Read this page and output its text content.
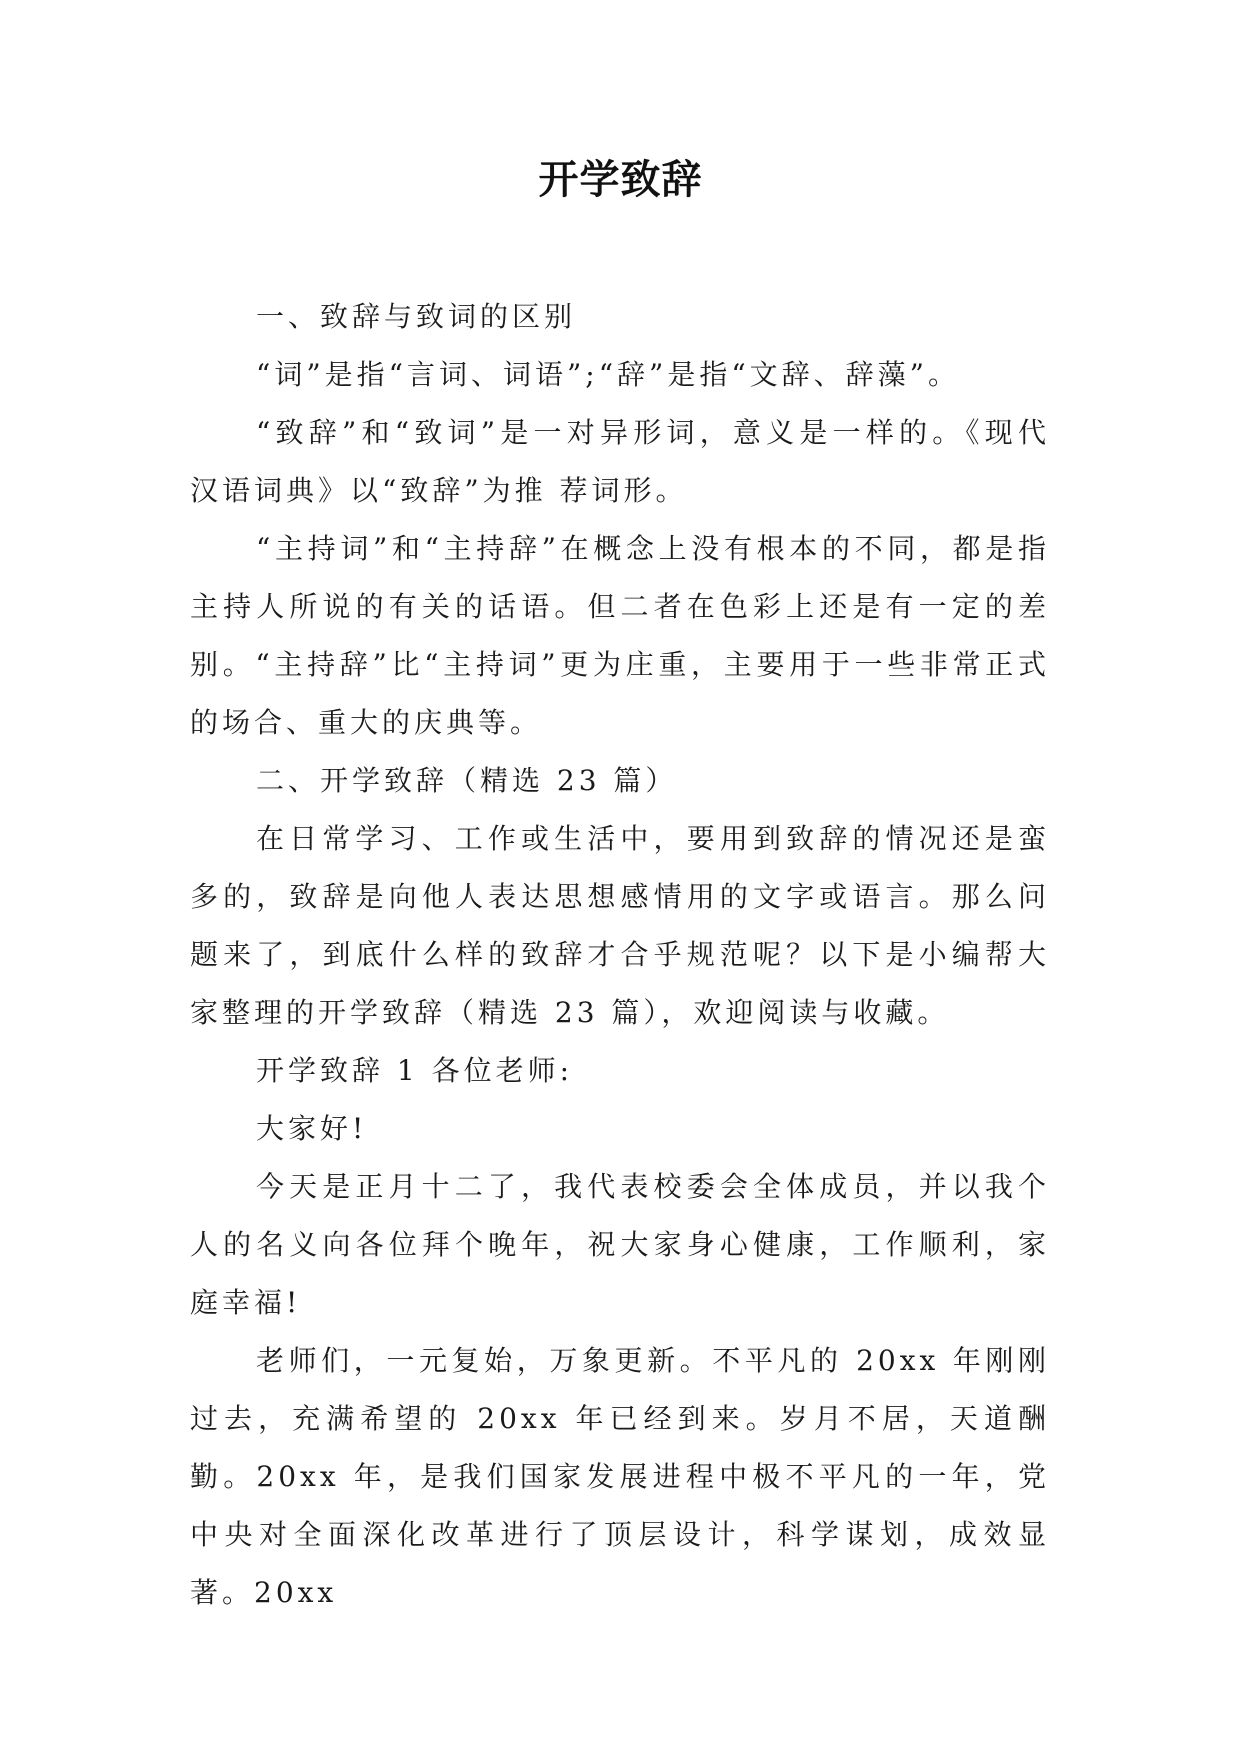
开学致辞

一、致辞与致词的区别

“词”是指“言词、词语”;“辞”是指“文辞、辞藻”。

“致辞”和“致词”是一对异形词，意义是一样的。《现代汉语词典》以“致辞”为推 荐词形。

“主持词”和“主持辞”在概念上没有根本的不同，都是指主持人所说的有关的话语。但二者在色彩上还是有一定的差别。“主持辞”比“主持词”更为庄重，主要用于一些非常正式的场合、重大的庆典等。

二、开学致辞（精选 23 篇）

在日常学习、工作或生活中，要用到致辞的情况还是蛮多的，致辞是向他人表达思想感情用的文字或语言。那么问题来了，到底什么样的致辞才合乎规范呢？以下是小编帮大家整理的开学致辞（精选 23 篇），欢迎阅读与收藏。

开学致辞 1 各位老师:

大家好!

今天是正月十二了，我代表校委会全体成员，并以我个人的名义向各位拜个晚年，祝大家身心健康，工作顺利，家庭幸福!

老师们，一元复始，万象更新。不平凡的 20xx 年刚刚过去，充满希望的 20xx 年已经到来。岁月不居，天道酬勤。20xx 年，是我们国家发展进程中极不平凡的一年，党中央对全面深化改革进行了顶层设计，科学谋划，成效显著。20xx
